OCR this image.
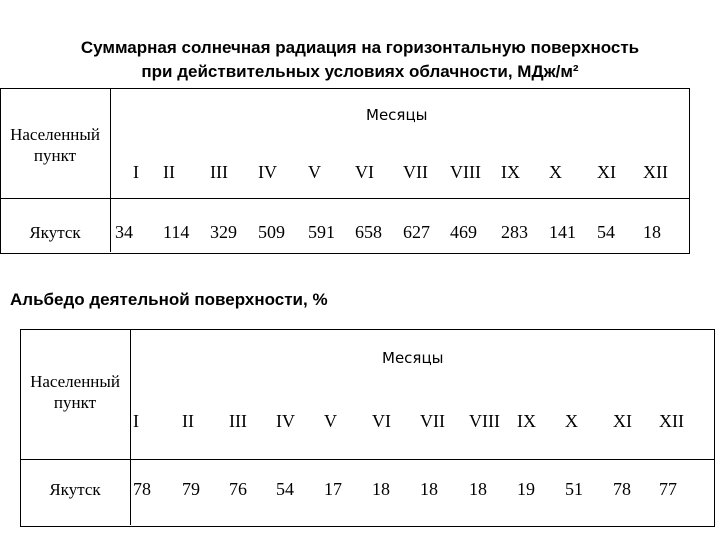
Суммарная солнечная радиация на горизонтальную поверхность
при действительных условиях облачности, МДж/м²
Месяцы
Населенный
пункт
I II III IV V VI VII VIII IX X XI XII
Якутск	34 114 329 509 591 658 627 469 283 141 54 18
Альбедо деятельной поверхности, %
Месяцы
Населенный
пункт
I II III IV V VI VII VIII IX X XI XII
Якутск	78 79 76 54 17 18 18 18 19 51 78 77
